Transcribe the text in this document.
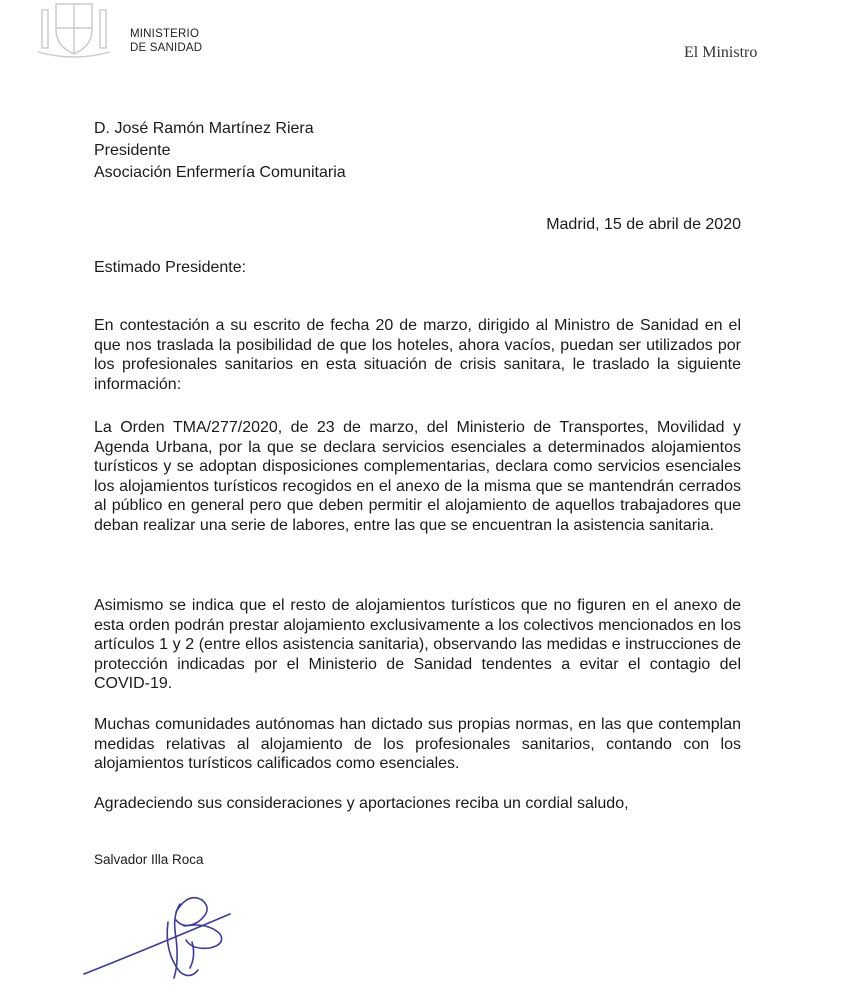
MINISTERIO
DE SANIDAD	El Ministro
D. José Ramón Martínez Riera
Presidente
Asociación Enfermería Comunitaria
Madrid, 15 de abril de 2020
Estimado Presidente:

En contestación a su escrito de fecha 20 de marzo, dirigido al Ministro de Sanidad en el que nos traslada la posibilidad de que los hoteles, ahora vacíos, puedan ser utilizados por los profesionales sanitarios en esta situación de crisis sanitara, le traslado la siguiente información:

La Orden TMA/277/2020, de 23 de marzo, del Ministerio de Transportes, Movilidad y Agenda Urbana, por la que se declara servicios esenciales a determinados alojamientos turísticos y se adoptan disposiciones complementarias, declara como servicios esenciales los alojamientos turísticos recogidos en el anexo de la misma que se mantendrán cerrados al público en general pero que deben permitir el alojamiento de aquellos trabajadores que deban realizar una serie de labores, entre las que se encuentran la asistencia sanitaria.

Asimismo se indica que el resto de alojamientos turísticos que no figuren en el anexo de esta orden podrán prestar alojamiento exclusivamente a los colectivos mencionados en los artículos 1 y 2 (entre ellos asistencia sanitaria), observando las medidas e instrucciones de protección indicadas por el Ministerio de Sanidad tendentes a evitar el contagio del COVID-19.

Muchas comunidades autónomas han dictado sus propias normas, en las que contemplan medidas relativas al alojamiento de los profesionales sanitarios, contando con los alojamientos turísticos calificados como esenciales.

Agradeciendo sus consideraciones y aportaciones reciba un cordial saludo,
Salvador Illa Roca
